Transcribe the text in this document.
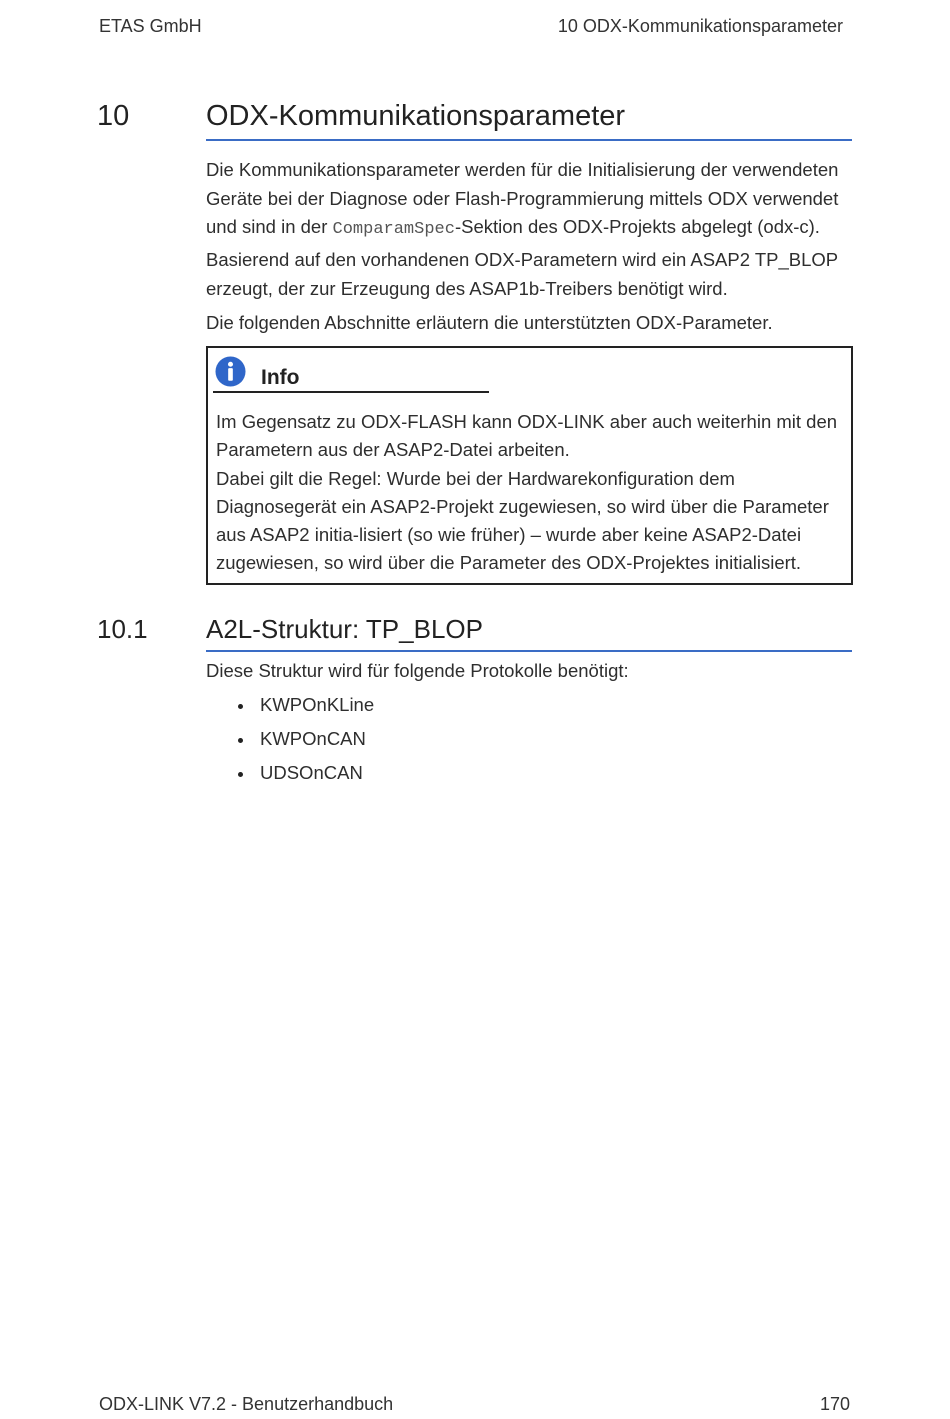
ETAS GmbH	10 ODX-Kommunikationsparameter
10	ODX-Kommunikationsparameter
Die Kommunikationsparameter werden für die Initialisierung der verwendeten Geräte bei der Diagnose oder Flash-Programmierung mittels ODX verwendet und sind in der ComparamSpec-Sektion des ODX-Projekts abgelegt (odx-c).
Basierend auf den vorhandenen ODX-Parametern wird ein ASAP2 TP_BLOP erzeugt, der zur Erzeugung des ASAP1b-Treibers benötigt wird.
Die folgenden Abschnitte erläutern die unterstützten ODX-Parameter.
Info
Im Gegensatz zu ODX-FLASH kann ODX-LINK aber auch weiterhin mit den Parametern aus der ASAP2-Datei arbeiten.
Dabei gilt die Regel: Wurde bei der Hardwarekonfiguration dem Diagnosegerät ein ASAP2-Projekt zugewiesen, so wird über die Parameter aus ASAP2 initia-lisiert (so wie früher) – wurde aber keine ASAP2-Datei zugewiesen, so wird über die Parameter des ODX-Projektes initialisiert.
10.1 A2L-Struktur: TP_BLOP
Diese Struktur wird für folgende Protokolle benötigt:
KWPOnKLine
KWPOnCAN
UDSOnCAN
ODX-LINK V7.2 - Benutzerhandbuch	170
